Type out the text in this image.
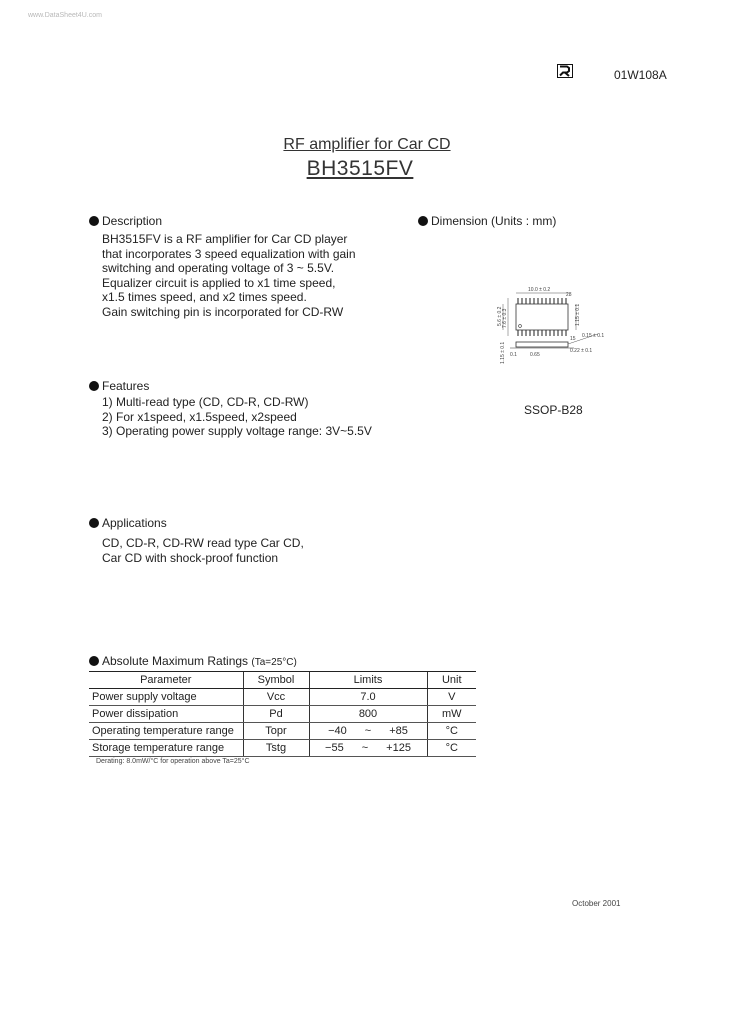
www.DataSheet4U.com
01W108A
RF amplifier for Car CD
BH3515FV
Description
BH3515FV is a RF amplifier for Car CD player
that incorporates 3 speed equalization with gain
switching and operating voltage of 3 ~ 5.5V.
Equalizer circuit is applied to x1 time speed,
x1.5 times speed, and x2 times speed.
Gain switching pin is incorporated for CD-RW
Dimension (Units : mm)
10.0 ± 0.2
7.6 ± 0.3
5.6 ± 0.2	1.15 ± 0.1
0.15 ± 0.1
0.1
1.15 ± 0.1	0.65
0.22 ± 0.1
28
15
SSOP-B28
Features
1) Multi-read type (CD, CD-R, CD-RW)
2) For x1speed, x1.5speed, x2speed
3) Operating power supply voltage range: 3V~5.5V
Applications
CD, CD-R, CD-RW read type Car CD,
Car CD with shock-proof function
Absolute Maximum Ratings (Ta=25°C)
Parameter	Symbol	Limits	Unit
Power supply voltage	Vcc	7.0	V
Power dissipation	Pd	800	mW
Operating temperature range	Topr	−40 ~ +85	°C
Storage temperature range	Tstg	−55 ~ +125	°C
Derating: 8.0mW/°C for operation above Ta=25°C
October 2001
